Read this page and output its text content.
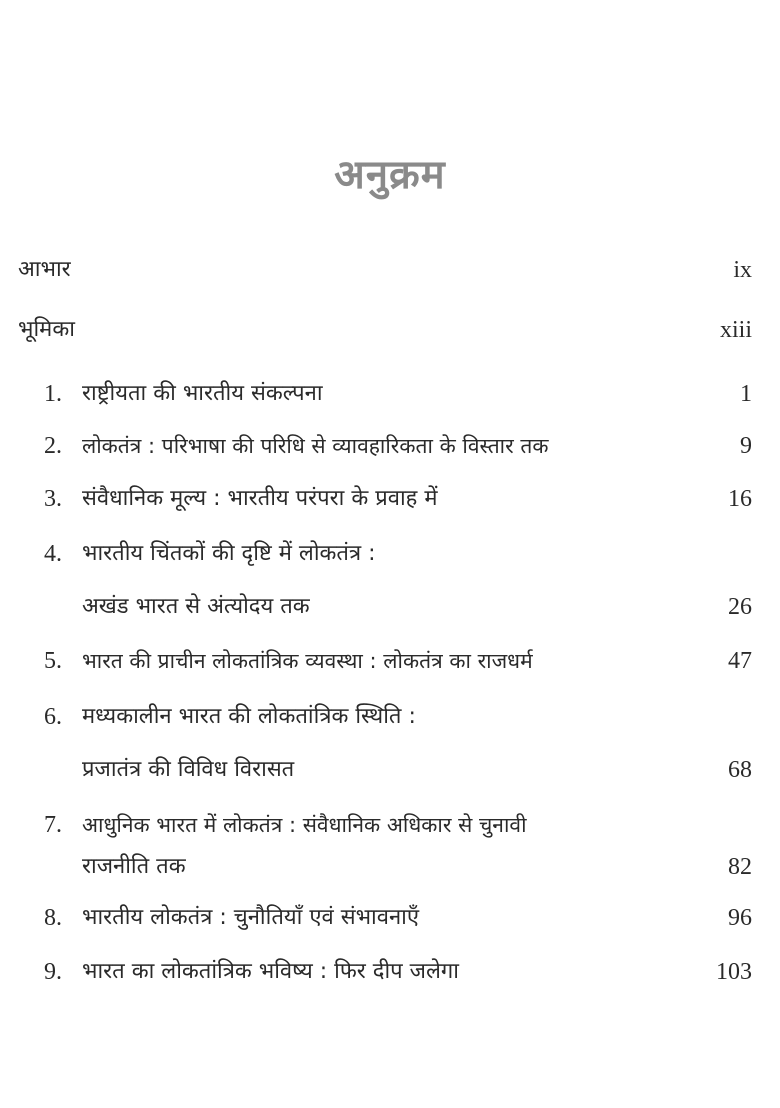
अनुक्रम
आभार	ix
भूमिका	xiii
1. राष्ट्रीयता की भारतीय संकल्पना	1
2. लोकतंत्र : परिभाषा की परिधि से व्यावहारिकता के विस्तार तक	9
3. संवैधानिक मूल्य : भारतीय परंपरा के प्रवाह में	16
4. भारतीय चिंतकों की दृष्टि में लोकतंत्र :
अखंड भारत से अंत्योदय तक	26
5. भारत की प्राचीन लोकतांत्रिक व्यवस्था : लोकतंत्र का राजधर्म	47
6. मध्यकालीन भारत की लोकतांत्रिक स्थिति :
प्रजातंत्र की विविध विरासत	68
7. आधुनिक भारत में लोकतंत्र : संवैधानिक अधिकार से चुनावी
राजनीति तक	82
8. भारतीय लोकतंत्र : चुनौतियाँ एवं संभावनाएँ	96
9. भारत का लोकतांत्रिक भविष्य : फिर दीप जलेगा	103
